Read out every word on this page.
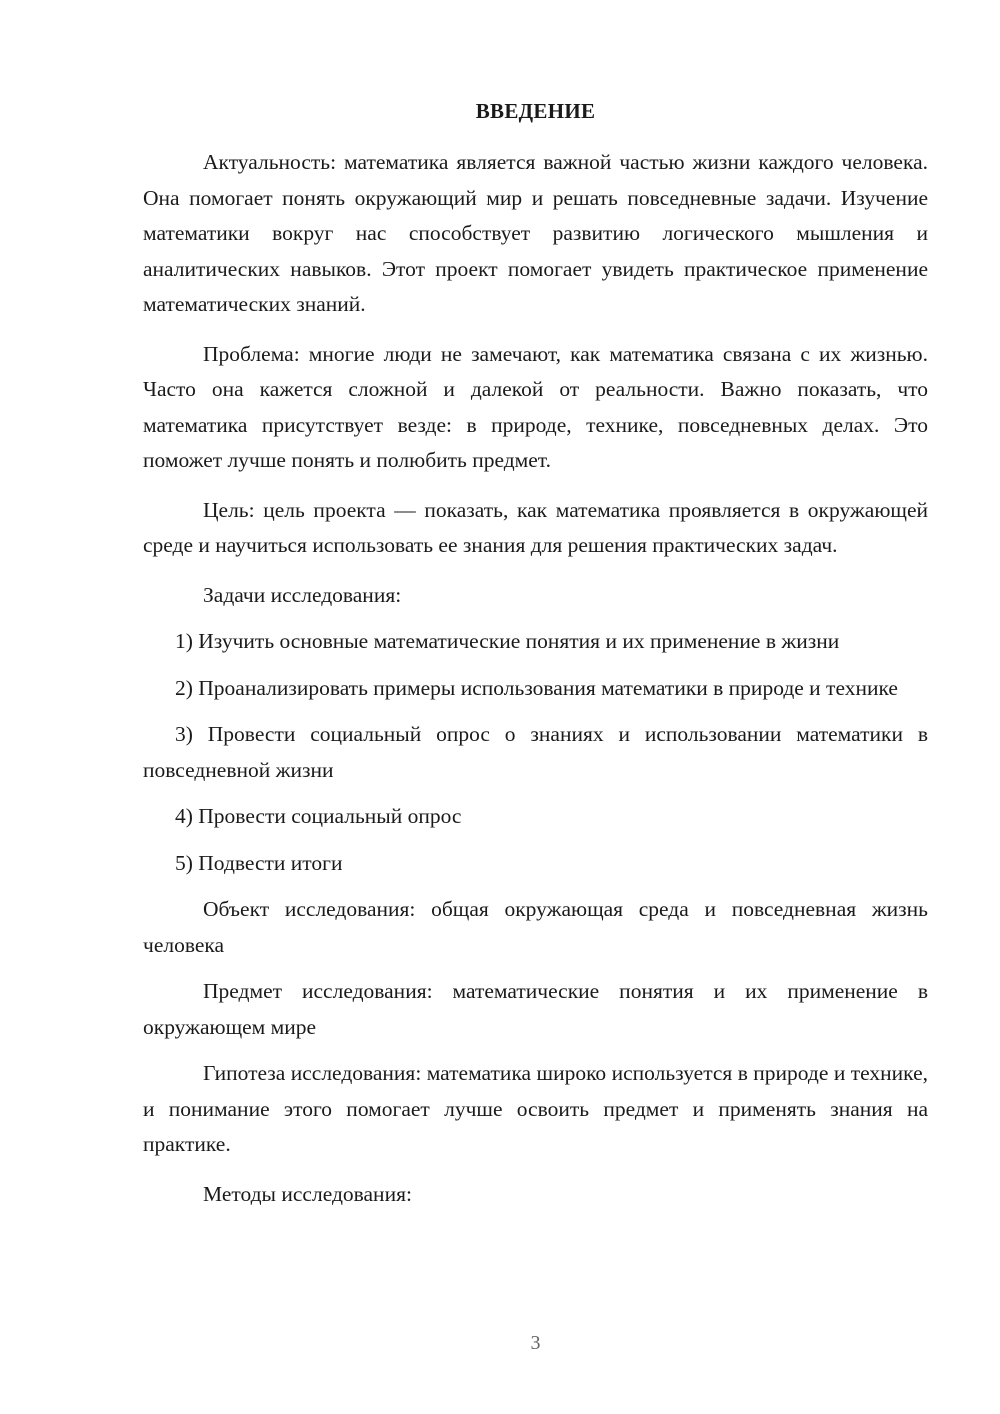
ВВЕДЕНИЕ

Актуальность: математика является важной частью жизни каждого человека. Она помогает понять окружающий мир и решать повседневные задачи. Изучение математики вокруг нас способствует развитию логического мышления и аналитических навыков. Этот проект помогает увидеть практическое применение математических знаний.

Проблема: многие люди не замечают, как математика связана с их жизнью. Часто она кажется сложной и далекой от реальности. Важно показать, что математика присутствует везде: в природе, технике, повседневных делах. Это поможет лучше понять и полюбить предмет.

Цель: цель проекта — показать, как математика проявляется в окружающей среде и научиться использовать ее знания для решения практических задач.

Задачи исследования:

1) Изучить основные математические понятия и их применение в жизни

2) Проанализировать примеры использования математики в природе и технике

3) Провести социальный опрос о знаниях и использовании математики в повседневной жизни

4) Провести социальный опрос

5) Подвести итоги

Объект исследования: общая окружающая среда и повседневная жизнь человека

Предмет исследования: математические понятия и их применение в окружающем мире

Гипотеза исследования: математика широко используется в природе и технике, и понимание этого помогает лучше освоить предмет и применять знания на практике.

Методы исследования:

3
